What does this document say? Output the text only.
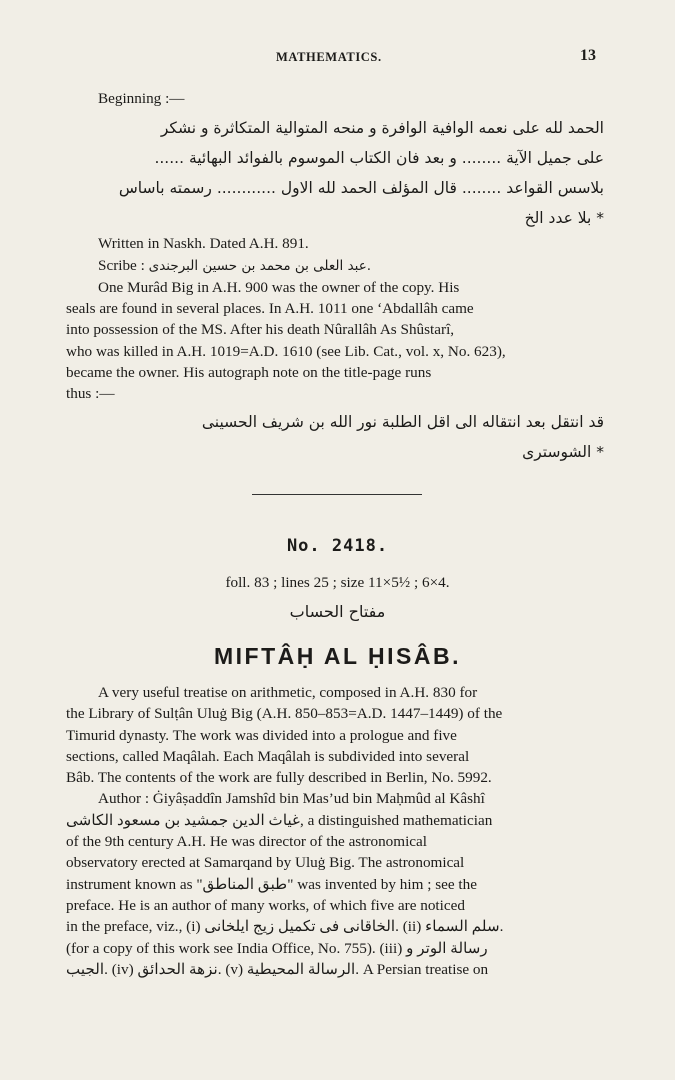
MATHEMATICS.	13
Beginning :—
الحمد لله علی نعمه الوافية الوافرة و منحه المتوالية المتكاثرة و نشكر
علی جميل الآية ........ و بعد فان الكتاب الموسوم بالفوائد البهائية ......
بلاسس القواعد ........ قال المؤلف الحمد لله الاول ............ رسمته باساس
* بلا عدد الخ
Written in Naskh. Dated A.H. 891.
Scribe : عبد العلی بن محمد بن حسين البرجندی.
One Murâd Big in A.H. 900 was the owner of the copy. His
seals are found in several places. In A.H. 1011 one ‘Abdallâh came
into possession of the MS. After his death Nûrallâh As Shûstarî,
who was killed in A.H. 1019=A.D. 1610 (see Lib. Cat., vol. x, No. 623),
became the owner. His autograph note on the title-page runs
thus :—
قد انتقل بعد انتقاله الی اقل الطلبة نور الله بن شريف الحسينی
* الشوستری
No. 2418.
foll. 83 ; lines 25 ; size 11×5½ ; 6×4.
مفتاح الحساب
MIFTÂḤ AL ḤISÂB.
A very useful treatise on arithmetic, composed in A.H. 830 for
the Library of Sulṭân Uluġ Big (A.H. 850–853=A.D. 1447–1449) of the
Timurid dynasty. The work was divided into a prologue and five
sections, called Maqâlah. Each Maqâlah is subdivided into several
Bâb. The contents of the work are fully described in Berlin, No. 5992.
Author : Ġiyâṣaddîn Jamshîd bin Mas’ud bin Maḥmûd al Kâshî
غياث الدين جمشيد بن مسعود الكاشی, a distinguished mathematician
of the 9th century A.H. He was director of the astronomical
observatory erected at Samarqand by Uluġ Big. The astronomical
instrument known as "طبق المناطق" was invented by him ; see the
preface. He is an author of many works, of which five are noticed
in the preface, viz., (i) الخاقانی فی تكميل زيج ايلخانی. (ii) سلم السماء.
(for a copy of this work see India Office, No. 755). (iii) رسالة الوتر و
الجيب. (iv) نزهة الحدائق. (v) الرسالة المحيطية. A Persian treatise on
